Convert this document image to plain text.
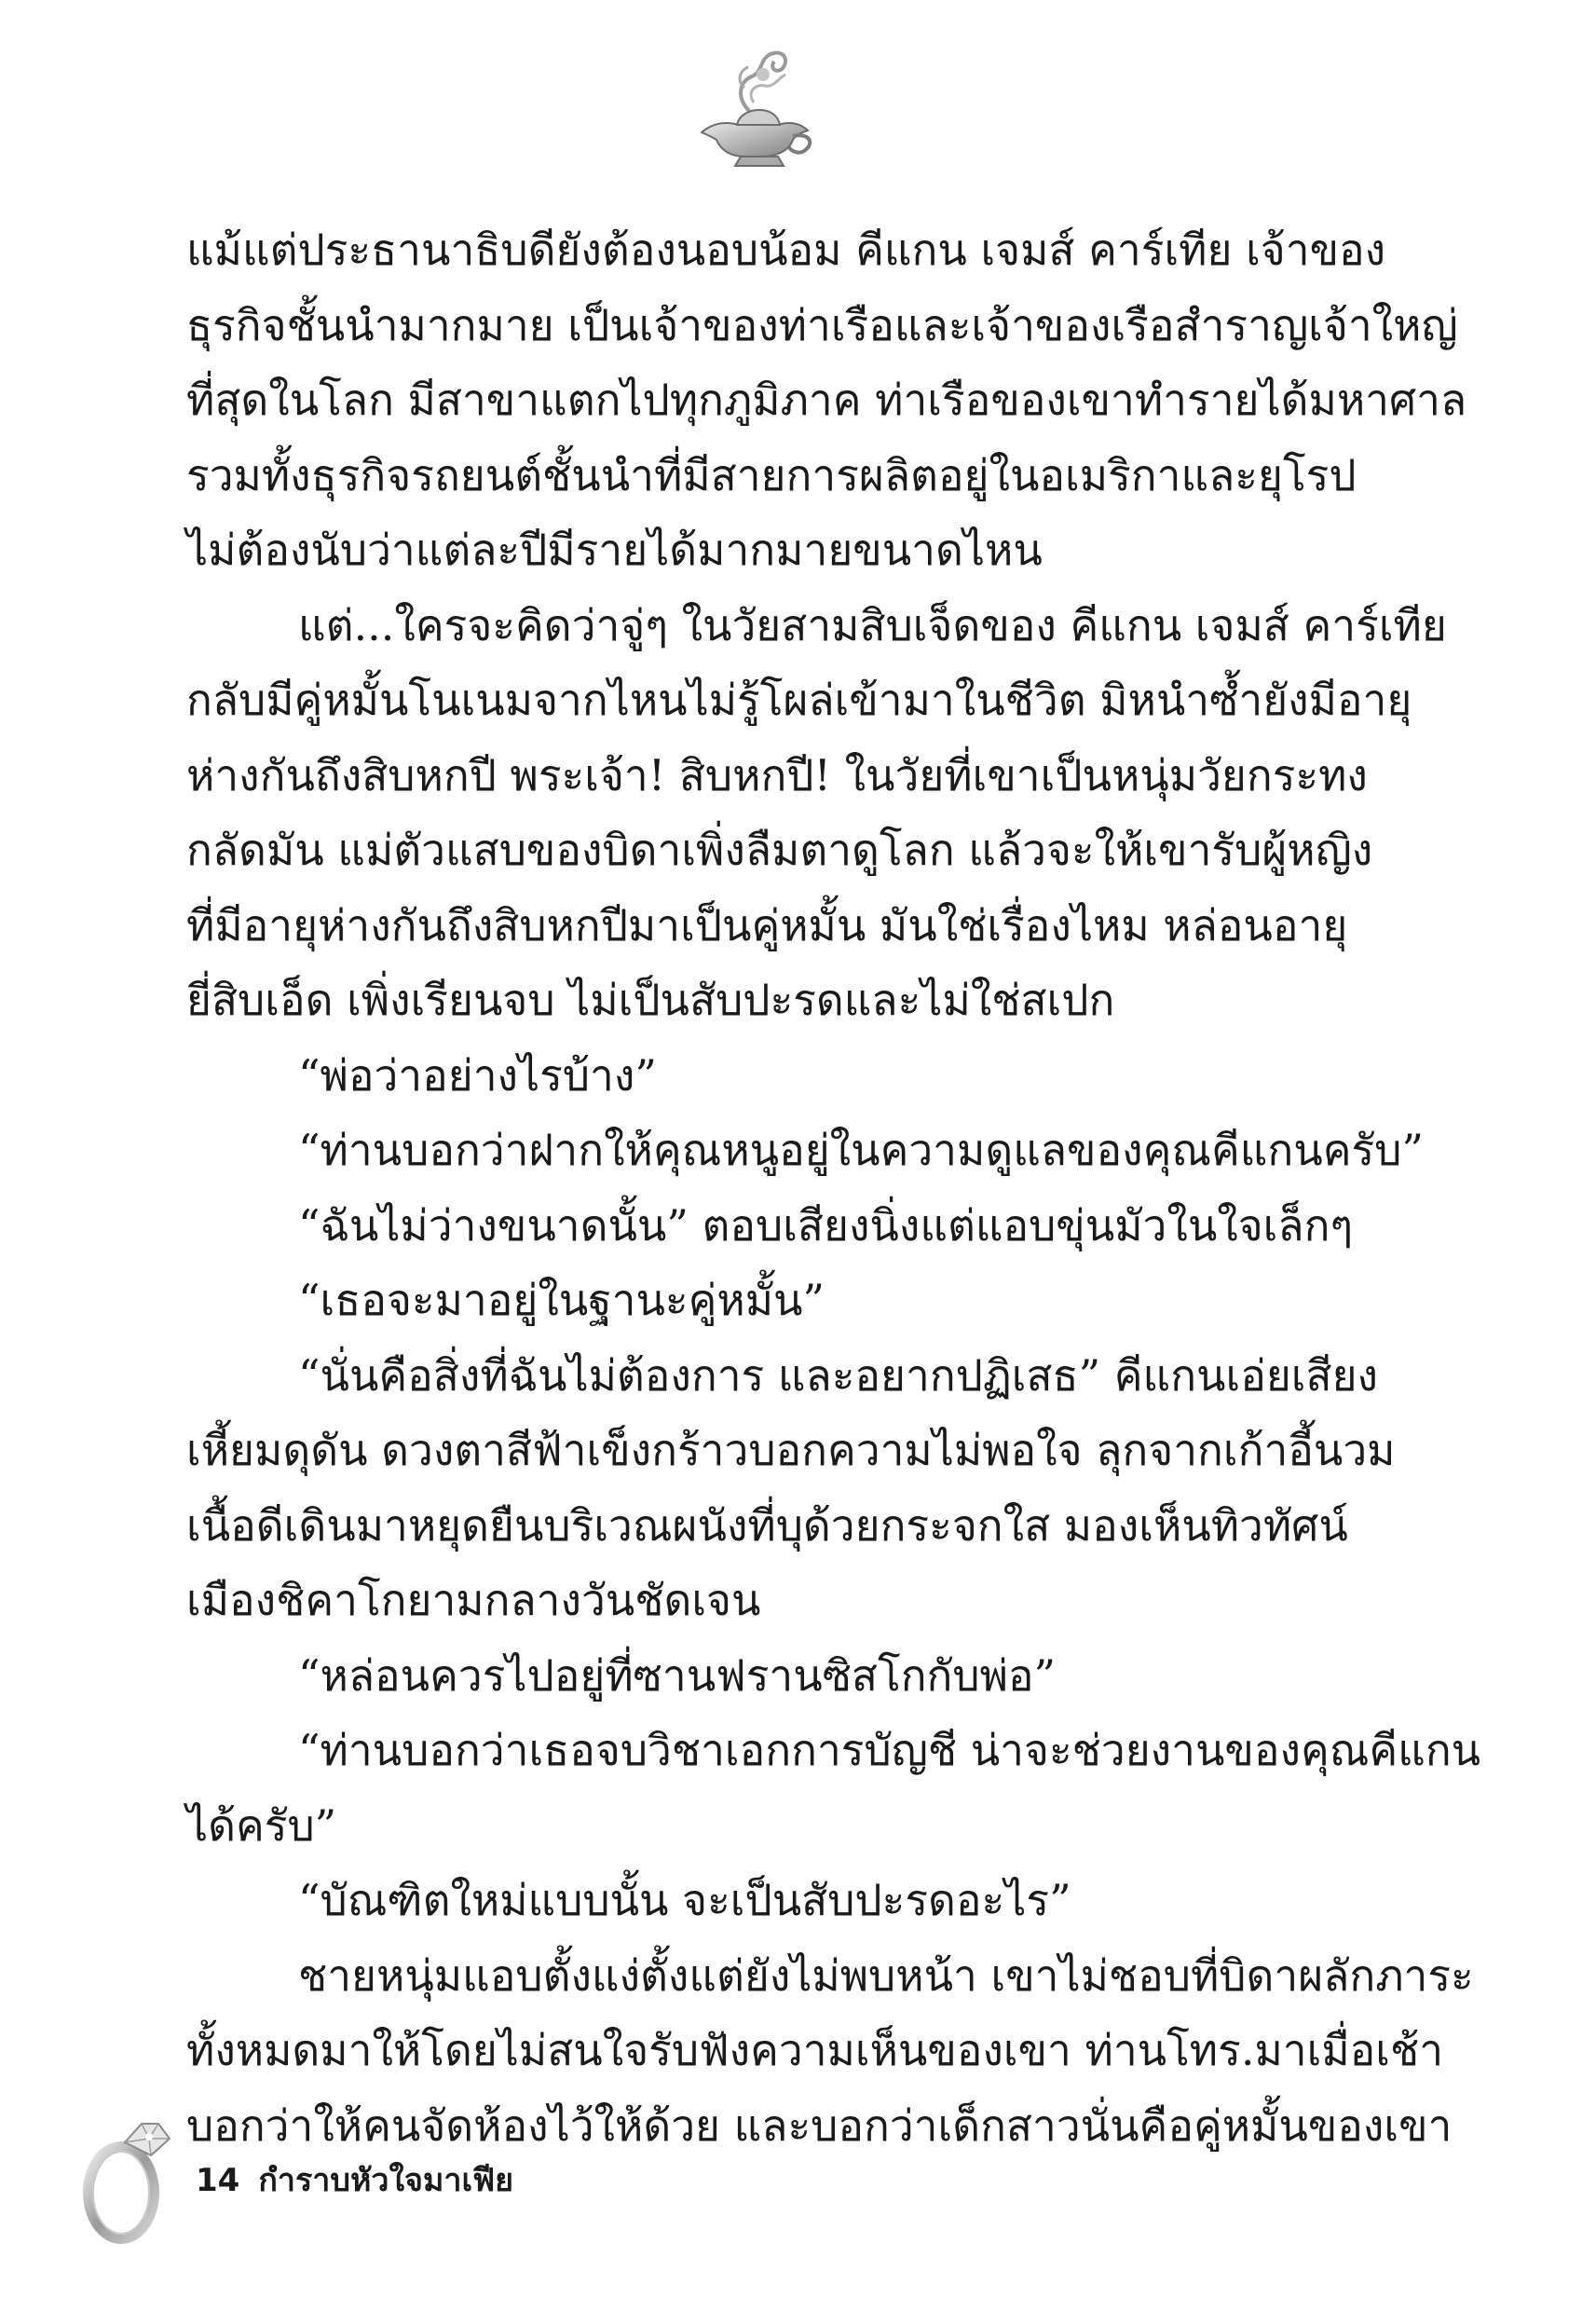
แม้แต่ประธานาธิบดียังต้องนอบน้อม คีแกน เจมส์ คาร์เทีย เจ้าของ
ธุรกิจชั้นนำมากมาย เป็นเจ้าของท่าเรือและเจ้าของเรือสำราญเจ้าใหญ่
ที่สุดในโลก มีสาขาแตกไปทุกภูมิภาค ท่าเรือของเขาทำรายได้มหาศาล
รวมทั้งธุรกิจรถยนต์ชั้นนำที่มีสายการผลิตอยู่ในอเมริกาและยุโรป
ไม่ต้องนับว่าแต่ละปีมีรายได้มากมายขนาดไหน
แต่...ใครจะคิดว่าจู่ๆ ในวัยสามสิบเจ็ดของ คีแกน เจมส์ คาร์เทีย
กลับมีคู่หมั้นโนเนมจากไหนไม่รู้โผล่เข้ามาในชีวิต มิหนำซ้ำยังมีอายุ
ห่างกันถึงสิบหกปี พระเจ้า! สิบหกปี! ในวัยที่เขาเป็นหนุ่มวัยกระทง
กลัดมัน แม่ตัวแสบของบิดาเพิ่งลืมตาดูโลก แล้วจะให้เขารับผู้หญิง
ที่มีอายุห่างกันถึงสิบหกปีมาเป็นคู่หมั้น มันใช่เรื่องไหม หล่อนอายุ
ยี่สิบเอ็ด เพิ่งเรียนจบ ไม่เป็นสับปะรดและไม่ใช่สเปก
“พ่อว่าอย่างไรบ้าง”
“ท่านบอกว่าฝากให้คุณหนูอยู่ในความดูแลของคุณคีแกนครับ”
“ฉันไม่ว่างขนาดนั้น” ตอบเสียงนิ่งแต่แอบขุ่นมัวในใจเล็กๆ
“เธอจะมาอยู่ในฐานะคู่หมั้น”
“นั่นคือสิ่งที่ฉันไม่ต้องการ และอยากปฏิเสธ” คีแกนเอ่ยเสียง
เหี้ยมดุดัน ดวงตาสีฟ้าเข็งกร้าวบอกความไม่พอใจ ลุกจากเก้าอี้นวม
เนื้อดีเดินมาหยุดยืนบริเวณผนังที่บุด้วยกระจกใส มองเห็นทิวทัศน์
เมืองชิคาโกยามกลางวันชัดเจน
“หล่อนควรไปอยู่ที่ซานฟรานซิสโกกับพ่อ”
“ท่านบอกว่าเธอจบวิชาเอกการบัญชี น่าจะช่วยงานของคุณคีแกน
ได้ครับ”
“บัณฑิตใหม่แบบนั้น จะเป็นสับปะรดอะไร”
ชายหนุ่มแอบตั้งแง่ตั้งแต่ยังไม่พบหน้า เขาไม่ชอบที่บิดาผลักภาระ
ทั้งหมดมาให้โดยไม่สนใจรับฟังความเห็นของเขา ท่านโทร.มาเมื่อเช้า
บอกว่าให้คนจัดห้องไว้ให้ด้วย และบอกว่าเด็กสาวนั่นคือคู่หมั้นของเขา
14 กำราบหัวใจมาเฟีย
